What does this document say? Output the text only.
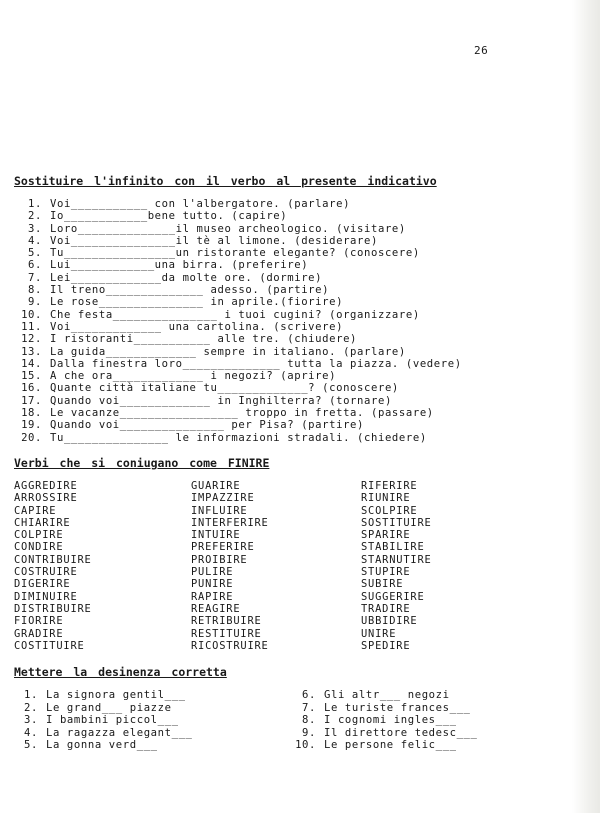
26
Sostituire l'infinito con il verbo al presente indicativo
1. Voi___________ con l'albergatore. (parlare)
2. Io____________bene tutto. (capire)
3. Loro______________il museo archeologico. (visitare)
4. Voi_______________il tè al limone. (desiderare)
5. Tu________________un ristorante elegante? (conoscere)
6. Lui____________una birra. (preferire)
7. Lei_____________da molte ore. (dormire)
8. Il treno______________ adesso. (partire)
9. Le rose_______________ in aprile.(fiorire)
10. Che festa_______________ i tuoi cugini? (organizzare)
11. Voi_____________ una cartolina. (scrivere)
12. I ristoranti___________ alle tre. (chiudere)
13. La guida_____________ sempre in italiano. (parlare)
14. Dalla finestra loro______________ tutta la piazza. (vedere)
15. A che ora_____________ i negozi? (aprire)
16. Quante città italiane tu_____________? (conoscere)
17. Quando voi_____________ in Inghilterra? (tornare)
18. Le vacanze_________________ troppo in fretta. (passare)
19. Quando voi_______________ per Pisa? (partire)
20. Tu_______________ le informazioni stradali. (chiedere)
Verbi che si coniugano come FINIRE
AGGREDIRE
ARROSSIRE
CAPIRE
CHIARIRE
COLPIRE
CONDIRE
CONTRIBUIRE
COSTRUIRE
DIGERIRE
DIMINUIRE
DISTRIBUIRE
FIORIRE
GRADIRE
COSTITUIRE
GUARIRE
IMPAZZIRE
INFLUIRE
INTERFERIRE
INTUIRE
PREFERIRE
PROIBIRE
PULIRE
PUNIRE
RAPIRE
REAGIRE
RETRIBUIRE
RESTITUIRE
RICOSTRUIRE
RIFERIRE
RIUNIRE
SCOLPIRE
SOSTITUIRE
SPARIRE
STABILIRE
STARNUTIRE
STUPIRE
SUBIRE
SUGGERIRE
TRADIRE
UBBIDIRE
UNIRE
SPEDIRE
Mettere la desinenza corretta
1. La signora gentil___
2. Le grand___ piazze
3. I bambini piccol___
4. La ragazza elegant___
5. La gonna verd___
6. Gli altr___ negozi
7. Le turiste frances___
8. I cognomi ingles___
9. Il direttore tedesc___
10. Le persone felic___
